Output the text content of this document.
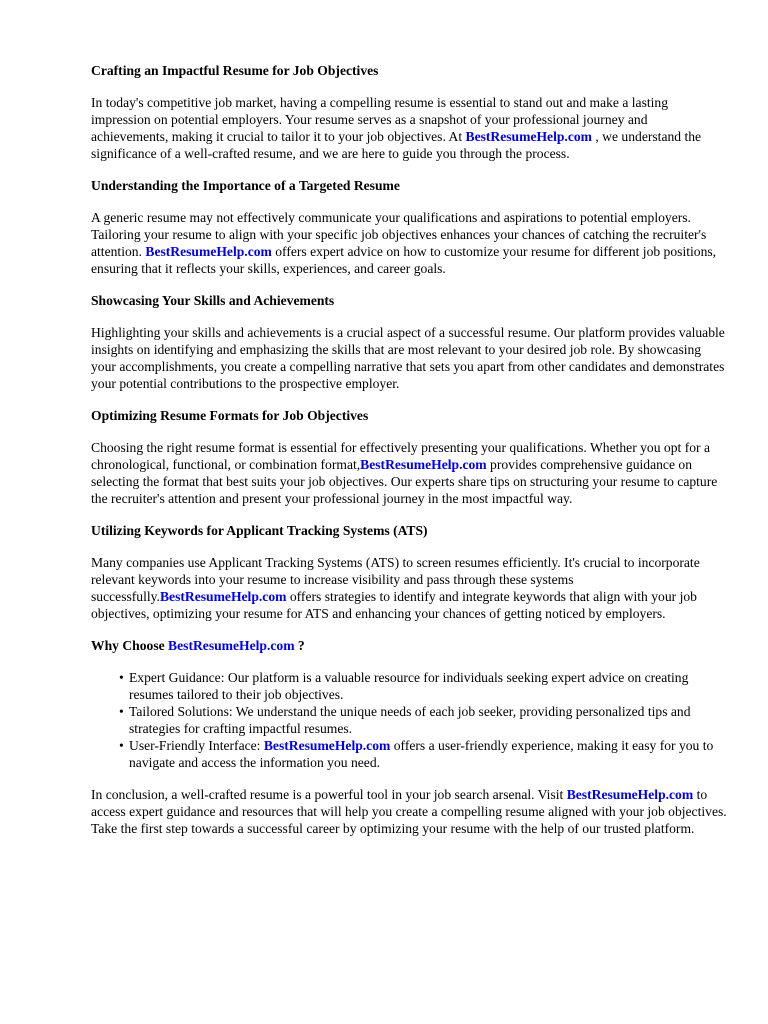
Crafting an Impactful Resume for Job Objectives

In today's competitive job market, having a compelling resume is essential to stand out and make a lasting impression on potential employers. Your resume serves as a snapshot of your professional journey and achievements, making it crucial to tailor it to your job objectives. At BestResumeHelp.com , we understand the significance of a well-crafted resume, and we are here to guide you through the process.

Understanding the Importance of a Targeted Resume

A generic resume may not effectively communicate your qualifications and aspirations to potential employers. Tailoring your resume to align with your specific job objectives enhances your chances of catching the recruiter's attention. BestResumeHelp.com offers expert advice on how to customize your resume for different job positions, ensuring that it reflects your skills, experiences, and career goals.

Showcasing Your Skills and Achievements

Highlighting your skills and achievements is a crucial aspect of a successful resume. Our platform provides valuable insights on identifying and emphasizing the skills that are most relevant to your desired job role. By showcasing your accomplishments, you create a compelling narrative that sets you apart from other candidates and demonstrates your potential contributions to the prospective employer.

Optimizing Resume Formats for Job Objectives

Choosing the right resume format is essential for effectively presenting your qualifications. Whether you opt for a chronological, functional, or combination format,BestResumeHelp.com provides comprehensive guidance on selecting the format that best suits your job objectives. Our experts share tips on structuring your resume to capture the recruiter's attention and present your professional journey in the most impactful way.

Utilizing Keywords for Applicant Tracking Systems (ATS)

Many companies use Applicant Tracking Systems (ATS) to screen resumes efficiently. It's crucial to incorporate relevant keywords into your resume to increase visibility and pass through these systems successfully.BestResumeHelp.com offers strategies to identify and integrate keywords that align with your job objectives, optimizing your resume for ATS and enhancing your chances of getting noticed by employers.

Why Choose BestResumeHelp.com ?
• Expert Guidance: Our platform is a valuable resource for individuals seeking expert advice on creating resumes tailored to their job objectives.
• Tailored Solutions: We understand the unique needs of each job seeker, providing personalized tips and strategies for crafting impactful resumes.
• User-Friendly Interface: BestResumeHelp.com offers a user-friendly experience, making it easy for you to navigate and access the information you need.

In conclusion, a well-crafted resume is a powerful tool in your job search arsenal. Visit BestResumeHelp.com to access expert guidance and resources that will help you create a compelling resume aligned with your job objectives. Take the first step towards a successful career by optimizing your resume with the help of our trusted platform.
